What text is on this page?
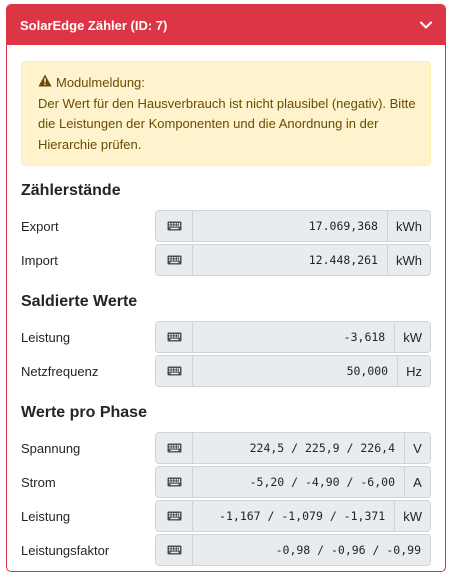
SolarEdge Zähler (ID: 7)
Modulmeldung:
Der Wert für den Hausverbrauch ist nicht plausibel (negativ). Bitte die Leistungen der Komponenten und die Anordnung in der Hierarchie prüfen.
Zählerstände
Export	17.069,368	kWh
Import	12.448,261	kWh
Saldierte Werte
Leistung	-3,618	kW
Netzfrequenz	50,000	Hz
Werte pro Phase
Spannung	224,5 / 225,9 / 226,4	V
Strom	-5,20 / -4,90 / -6,00	A
Leistung	-1,167 / -1,079 / -1,371	kW
Leistungsfaktor	-0,98 / -0,96 / -0,99
